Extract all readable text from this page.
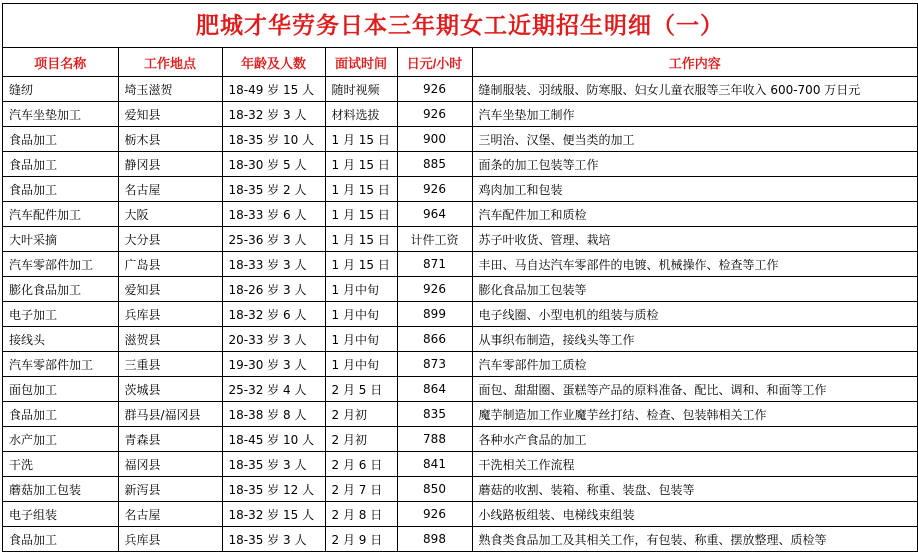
肥城才华劳务日本三年期女工近期招生明细（一）
项目名称	工作地点	年龄及人数	面试时间	日元/小时	工作内容
缝纫	埼玉滋贺	18-49 岁 15 人	随时视频	926	缝制服装、羽绒服、防寒服、妇女儿童衣服等三年收入 600-700 万日元
汽车坐垫加工	爱知县	18-32 岁 3 人	材料选拔	926	汽车坐垫加工制作
食品加工	栃木县	18-35 岁 10 人	1 月 15 日	900	三明治、汉堡、便当类的加工
食品加工	静冈县	18-30 岁 5 人	1 月 15 日	885	面条的加工包装等工作
食品加工	名古屋	18-35 岁 2 人	1 月 15 日	926	鸡肉加工和包装
汽车配件加工	大阪	18-33 岁 6 人	1 月 15 日	964	汽车配件加工和质检
大叶采摘	大分县	25-36 岁 3 人	1 月 15 日	计件工资	苏子叶收货、管理、栽培
汽车零部件加工	广岛县	18-33 岁 3 人	1 月 15 日	871	丰田、马自达汽车零部件的电镀、机械操作、检查等工作
膨化食品加工	爱知县	18-26 岁 3 人	1 月中旬	926	膨化食品加工包装等
电子加工	兵库县	18-32 岁 6 人	1 月中旬	899	电子线圈、小型电机的组装与质检
接线头	滋贺县	20-33 岁 3 人	1 月中旬	866	从事织布制造，接线头等工作
汽车零部件加工	三重县	19-30 岁 3 人	1 月中旬	873	汽车零部件加工质检
面包加工	茨城县	25-32 岁 4 人	2 月 5 日	864	面包、甜甜圈、蛋糕等产品的原料准备、配比、调和、和面等工作
食品加工	群马县/福冈县	18-38 岁 8 人	2 月初	835	魔芋制造加工作业魔芋丝打结、检查、包装韩相关工作
水产加工	青森县	18-45 岁 10 人	2 月初	788	各种水产食品的加工
干洗	福冈县	18-35 岁 3 人	2 月 6 日	841	干洗相关工作流程
蘑菇加工包装	新泻县	18-35 岁 12 人	2 月 7 日	850	蘑菇的收割、装箱、称重、装盘、包装等
电子组装	名古屋	18-32 岁 15 人	2 月 8 日	926	小线路板组装、电梯线束组装
食品加工	兵库县	18-35 岁 3 人	2 月 9 日	898	熟食类食品加工及其相关工作，有包装、称重、摆放整理、质检等
